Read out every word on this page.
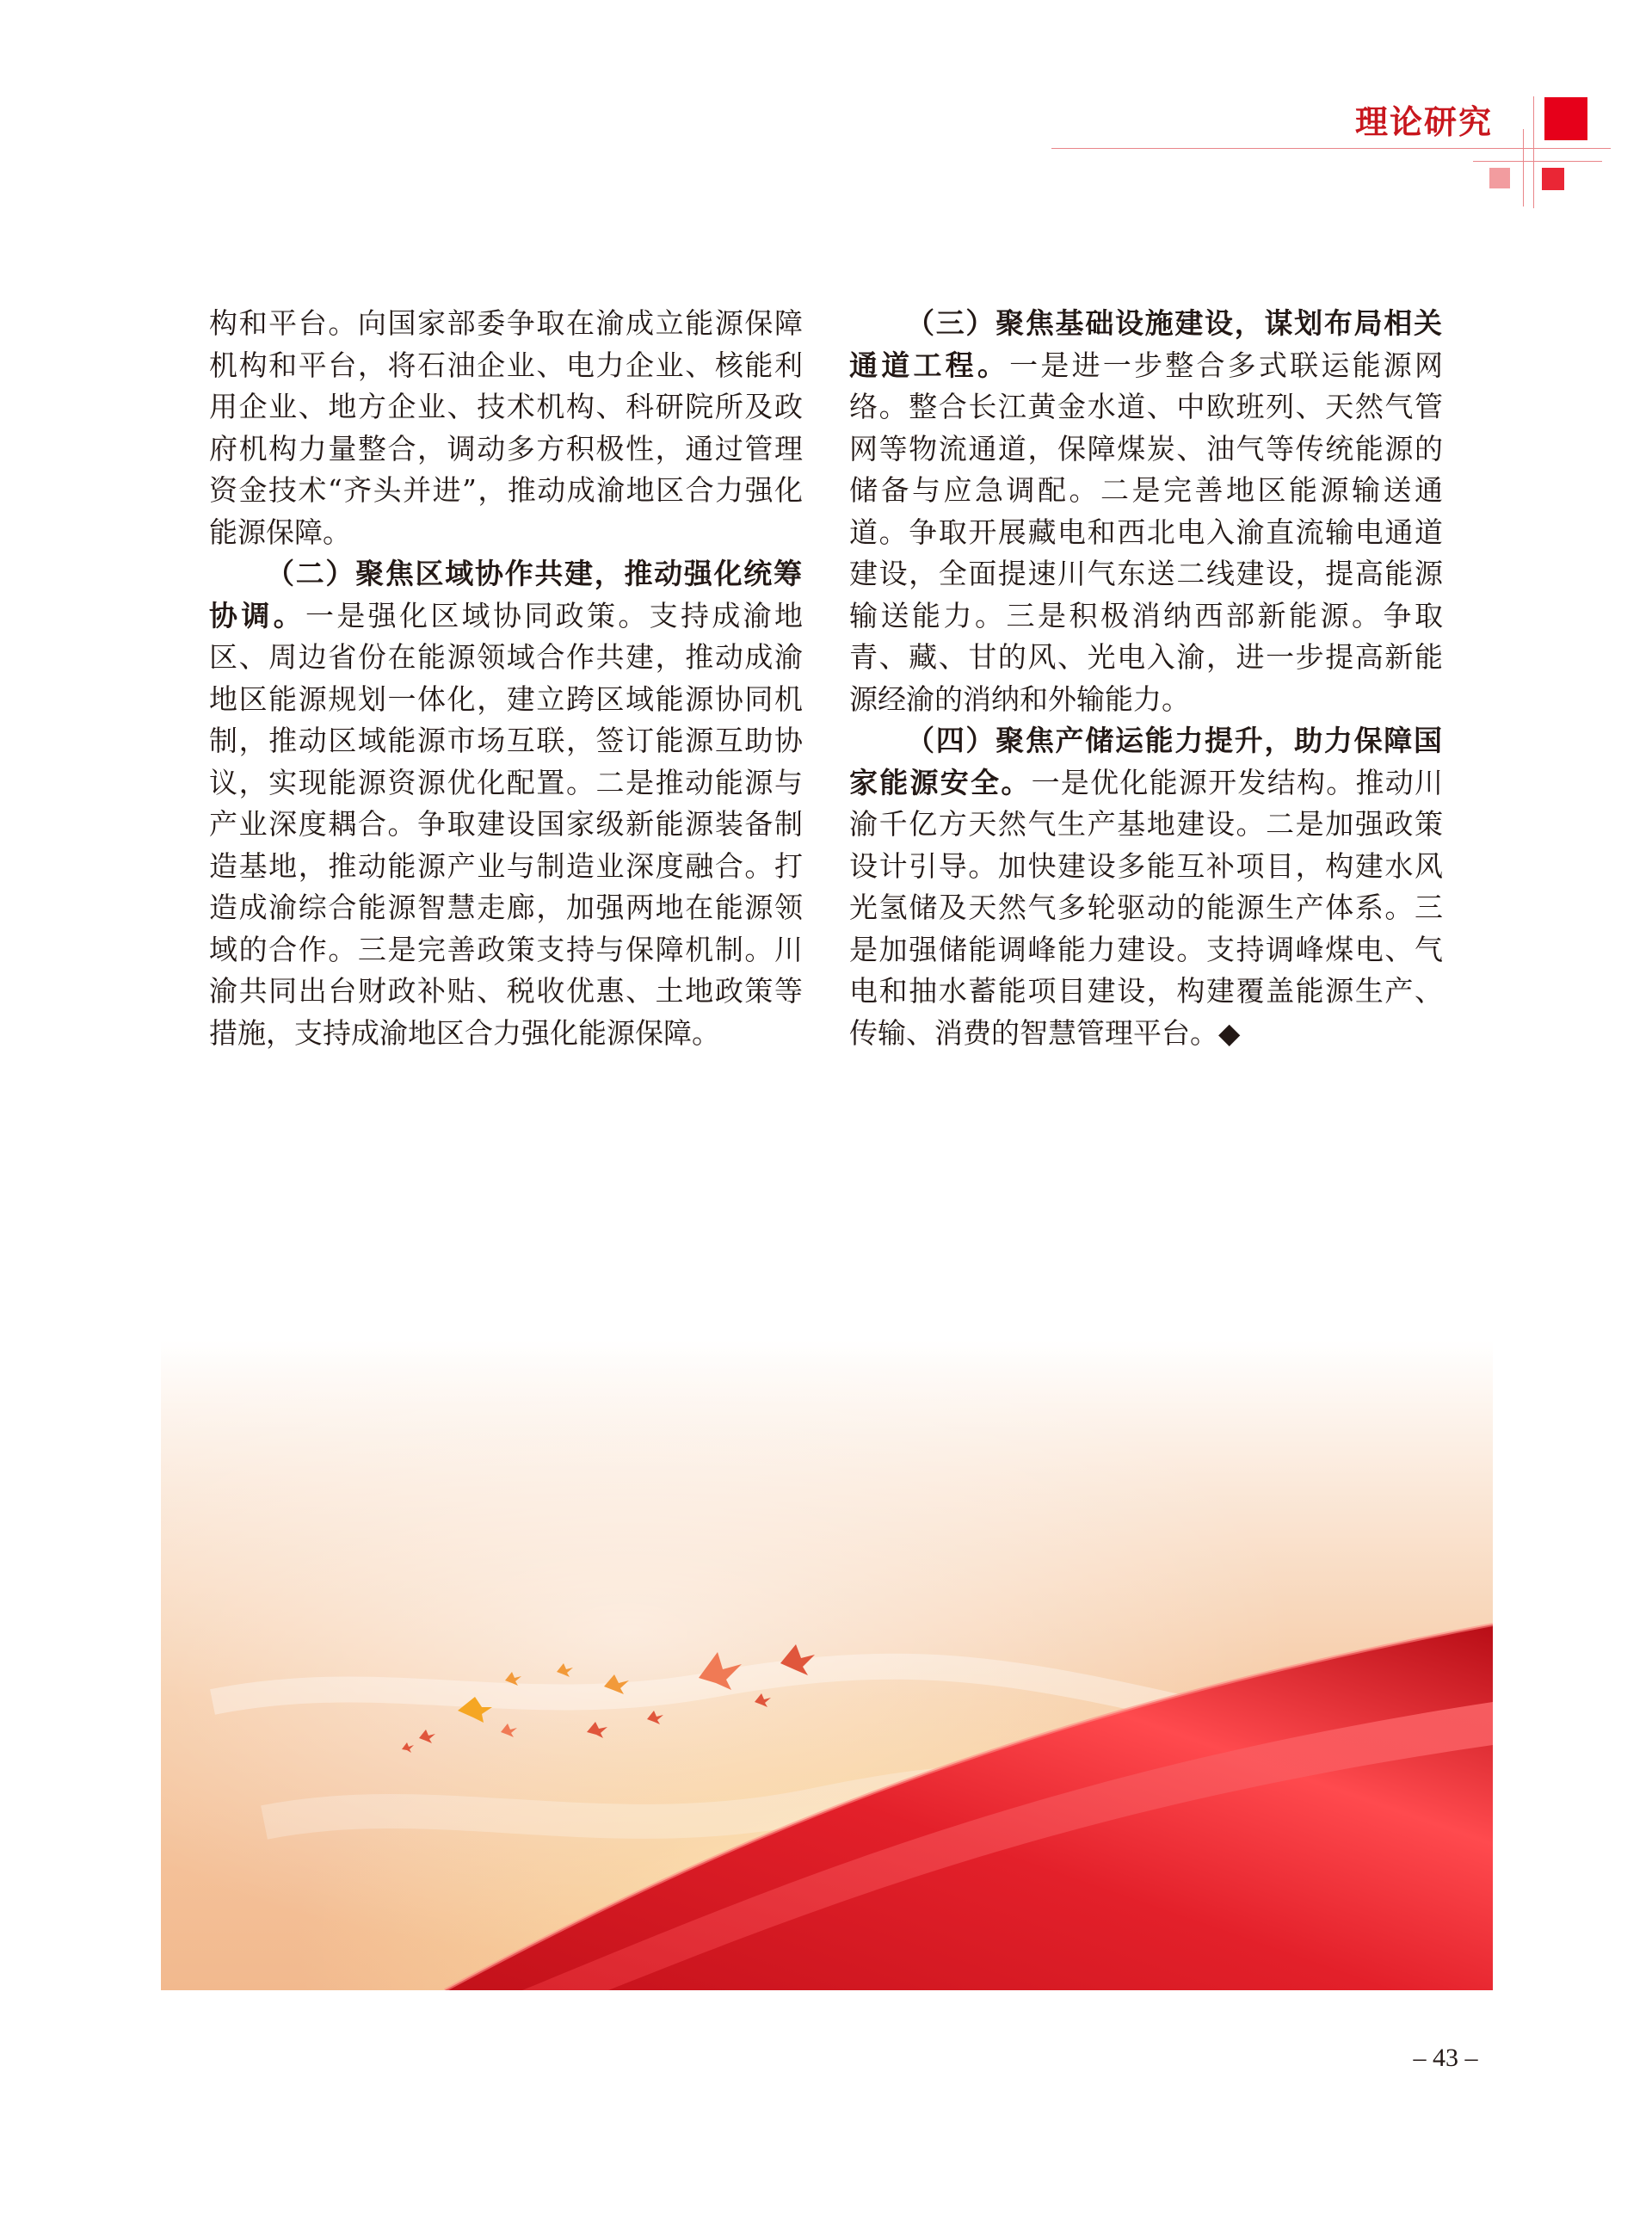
理论研究

构和平台。向国家部委争取在渝成立能源保障机构和平台，将石油企业、电力企业、核能利用企业、地方企业、技术机构、科研院所及政府机构力量整合，调动多方积极性，通过管理资金技术“齐头并进”，推动成渝地区合力强化能源保障。

（二）聚焦区域协作共建，推动强化统筹协调。一是强化区域协同政策。支持成渝地区、周边省份在能源领域合作共建，推动成渝地区能源规划一体化，建立跨区域能源协同机制，推动区域能源市场互联，签订能源互助协议，实现能源资源优化配置。二是推动能源与产业深度耦合。争取建设国家级新能源装备制造基地，推动能源产业与制造业深度融合。打造成渝综合能源智慧走廊，加强两地在能源领域的合作。三是完善政策支持与保障机制。川渝共同出台财政补贴、税收优惠、土地政策等措施，支持成渝地区合力强化能源保障。

（三）聚焦基础设施建设，谋划布局相关通道工程。一是进一步整合多式联运能源网络。整合长江黄金水道、中欧班列、天然气管网等物流通道，保障煤炭、油气等传统能源的储备与应急调配。二是完善地区能源输送通道。争取开展藏电和西北电入渝直流输电通道建设，全面提速川气东送二线建设，提高能源输送能力。三是积极消纳西部新能源。争取青、藏、甘的风、光电入渝，进一步提高新能源经渝的消纳和外输能力。

（四）聚焦产储运能力提升，助力保障国家能源安全。一是优化能源开发结构。推动川渝千亿方天然气生产基地建设。二是加强政策设计引导。加快建设多能互补项目，构建水风光氢储及天然气多轮驱动的能源生产体系。三是加强储能调峰能力建设。支持调峰煤电、气电和抽水蓄能项目建设，构建覆盖能源生产、传输、消费的智慧管理平台。◆

– 43 –
